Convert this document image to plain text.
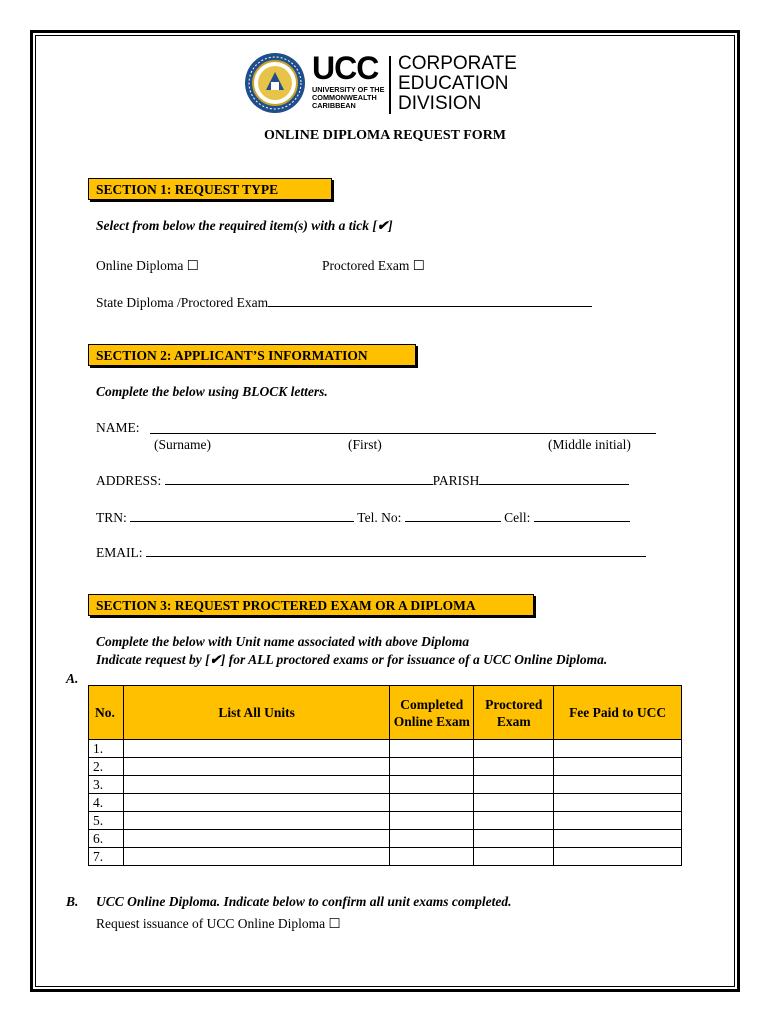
UCC
UNIVERSITY OF THE
COMMONWEALTH
CARIBBEAN
CORPORATE
EDUCATION
DIVISION
ONLINE DIPLOMA REQUEST FORM
SECTION 1: REQUEST TYPE
Select from below the required item(s) with a tick [✔]
Online Diploma ☐	Proctored Exam ☐
State Diploma /Proctored Exam
SECTION 2: APPLICANT’S INFORMATION
Complete the below using BLOCK letters.
NAME:
(Surname)	(First)	(Middle initial)
ADDRESS:	PARISH
TRN:	Tel. No:	Cell:
EMAIL:
SECTION 3: REQUEST PROCTERED EXAM OR A DIPLOMA
Complete the below with Unit name associated with above Diploma
Indicate request by [✔] for ALL proctored exams or for issuance of a UCC Online Diploma.
A.
No.	List All Units	Completed Online Exam	Proctored Exam	Fee Paid to UCC
1.				
2.				
3.				
4.				
5.				
6.				
7.				
B. UCC Online Diploma. Indicate below to confirm all unit exams completed.
Request issuance of UCC Online Diploma ☐
